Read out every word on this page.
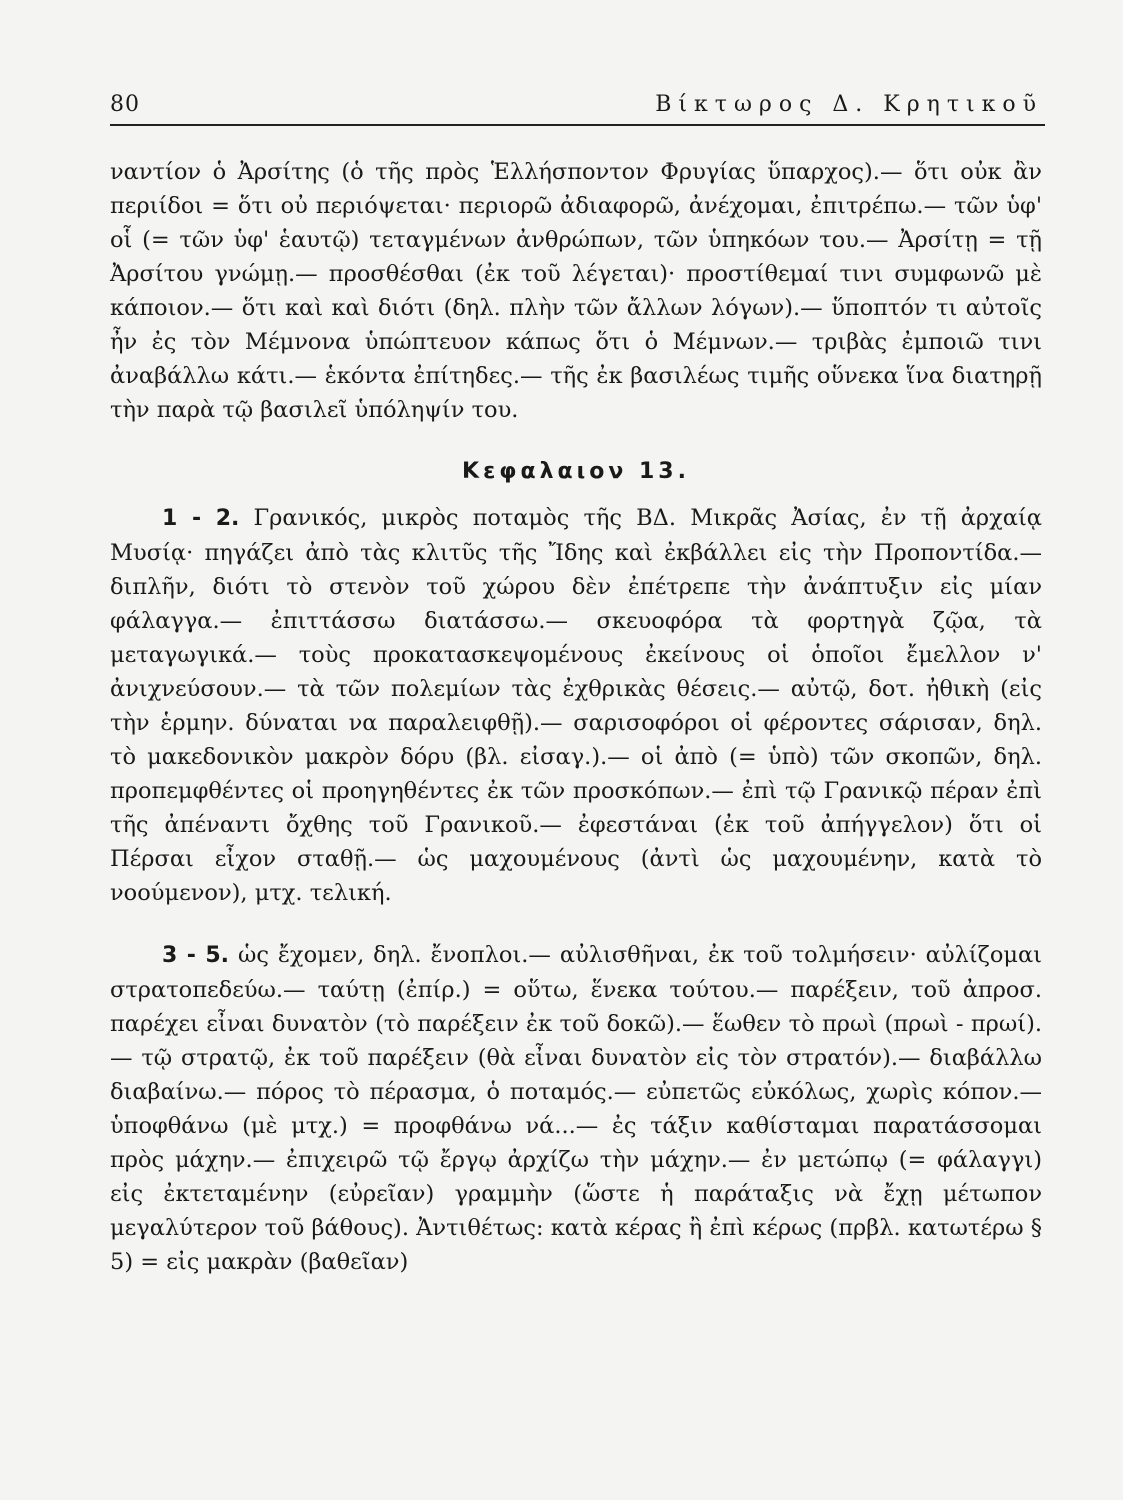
80	Βίκτωρος Δ. Κρητικοῦ

ναντίον ὁ Ἀρσίτης (ὁ τῆς πρὸς Ἑλλήσποντον Φρυγίας ὕπαρχος).— ὅτι οὐκ ἂν περιίδοι = ὅτι οὐ περιόψεται· περιορῶ ἀδιαφορῶ, ἀνέχομαι, ἐπιτρέπω.— τῶν ὑφ' οἷ (= τῶν ὑφ' ἑαυτῷ) τεταγμένων ἀνθρώπων, τῶν ὑπηκόων του.— Ἀρσίτῃ = τῇ Ἀρσίτου γνώμῃ.— προσθέσθαι (ἐκ τοῦ λέγεται)· προστίθεμαί τινι συμφωνῶ μὲ κάποιον.— ὅτι καὶ καὶ διότι (δηλ. πλὴν τῶν ἄλλων λόγων).— ὕποπτόν τι αὐτοῖς ἦν ἐς τὸν Μέμνονα ὑπώπτευον κάπως ὅτι ὁ Μέμνων.— τριβὰς ἐμποιῶ τινι ἀναβάλλω κάτι.— ἑκόντα ἐπίτηδες.— τῆς ἐκ βασιλέως τιμῆς οὕνεκα ἵνα διατηρῇ τὴν παρὰ τῷ βασιλεῖ ὑπόληψίν του.

Κεφαλαιον 13.

1 - 2. Γρανικός, μικρὸς ποταμὸς τῆς ΒΔ. Μικρᾶς Ἀσίας, ἐν τῇ ἀρχαίᾳ Μυσίᾳ· πηγάζει ἀπὸ τὰς κλιτῦς τῆς Ἴδης καὶ ἐκβάλλει εἰς τὴν Προποντίδα.— διπλῆν, διότι τὸ στενὸν τοῦ χώρου δὲν ἐπέτρεπε τὴν ἀνάπτυξιν εἰς μίαν φάλαγγα.— ἐπιττάσσω διατάσσω.— σκευοφόρα τὰ φορτηγὰ ζῷα, τὰ μεταγωγικά.— τοὺς προκατασκεψομένους ἐκείνους οἱ ὁποῖοι ἔμελλον ν' ἀνιχνεύσουν.— τὰ τῶν πολεμίων τὰς ἐχθρικὰς θέσεις.— αὐτῷ, δοτ. ἠθικὴ (εἰς τὴν ἑρμην. δύναται να παραλειφθῇ).— σαρισοφόροι οἱ φέροντες σάρισαν, δηλ. τὸ μακεδονικὸν μακρὸν δόρυ (βλ. εἰσαγ.).— οἱ ἀπὸ (= ὑπὸ) τῶν σκοπῶν, δηλ. προπεμφθέντες οἱ προηγηθέντες ἐκ τῶν προσκόπων.— ἐπὶ τῷ Γρανικῷ πέραν ἐπὶ τῆς ἀπέναντι ὄχθης τοῦ Γρανικοῦ.— ἐφεστάναι (ἐκ τοῦ ἀπήγγελον) ὅτι οἱ Πέρσαι εἶχον σταθῇ.— ὡς μαχουμένους (ἀντὶ ὡς μαχουμένην, κατὰ τὸ νοούμενον), μτχ. τελική.

3 - 5. ὡς ἔχομεν, δηλ. ἔνοπλοι.— αὐλισθῆναι, ἐκ τοῦ τολμήσειν· αὐλίζομαι στρατοπεδεύω.— ταύτῃ (ἐπίρ.) = οὕτω, ἕνεκα τούτου.— παρέξειν, τοῦ ἀπροσ. παρέχει εἶναι δυνατὸν (τὸ παρέξειν ἐκ τοῦ δοκῶ).— ἕωθεν τὸ πρωὶ (πρωὶ - πρωί).— τῷ στρατῷ, ἐκ τοῦ παρέξειν (θὰ εἶναι δυνατὸν εἰς τὸν στρατόν).— διαβάλλω διαβαίνω.— πόρος τὸ πέρασμα, ὁ ποταμός.— εὐπετῶς εὐκόλως, χωρὶς κόπον.— ὑποφθάνω (μὲ μτχ.) = προφθάνω νά...— ἐς τάξιν καθίσταμαι παρατάσσομαι πρὸς μάχην.— ἐπιχειρῶ τῷ ἔργῳ ἀρχίζω τὴν μάχην.— ἐν μετώπῳ (= φάλαγγι) εἰς ἐκτεταμένην (εὐρεῖαν) γραμμὴν (ὥστε ἡ παράταξις νὰ ἔχῃ μέτωπον μεγαλύτερον τοῦ βάθους). Ἀντιθέτως: κατὰ κέρας ἢ ἐπὶ κέρως (πρβλ. κατωτέρω § 5) = εἰς μακρὰν (βαθεῖαν)
